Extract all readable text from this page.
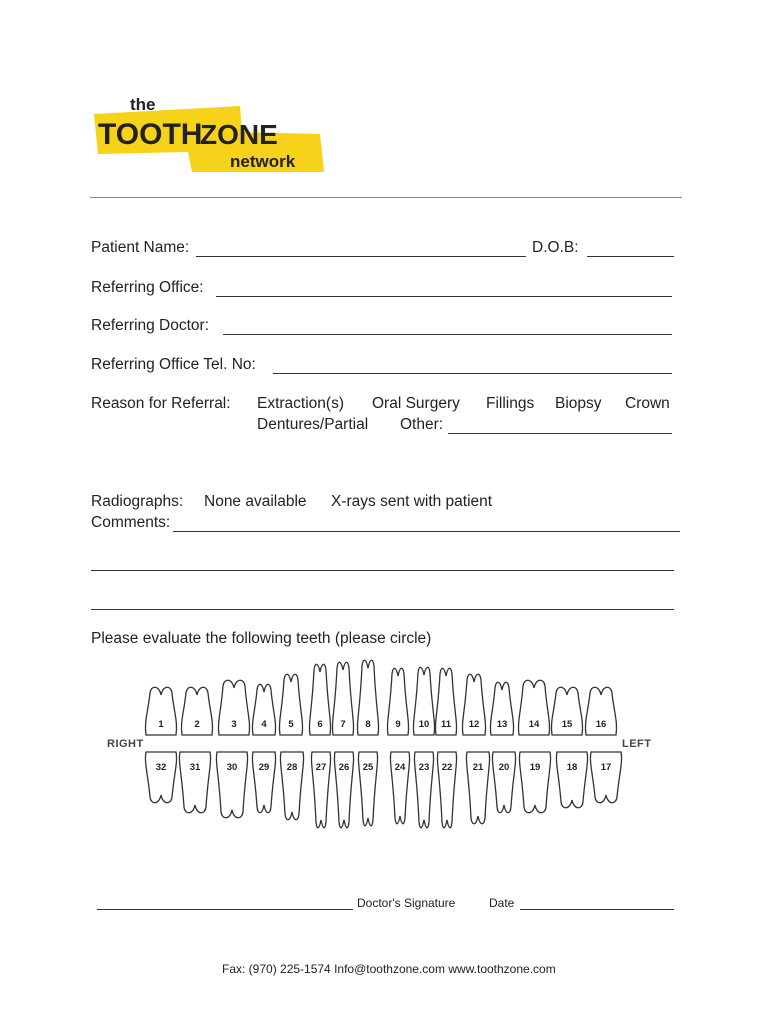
the
TOOTH
ZONE
network
Patient Name:	D.O.B:
Referring Office:
Referring Doctor:
Referring Office Tel. No:
Reason for Referral: Extraction(s) Oral Surgery Fillings Biopsy Crown
Dentures/Partial Other:
Radiographs: None available X-rays sent with patient
Comments:
Please evaluate the following teeth (please circle)
RIGHT	LEFT
1	2	3	4 5 6 7 8	9 10 11 12 13 14 15 16
32 31	30 29 28 27 26 25 24 23 22 21 20 19	18 17
Doctor's Signature	Date
Fax: (970) 225-1574 Info@toothzone.com www.toothzone.com
